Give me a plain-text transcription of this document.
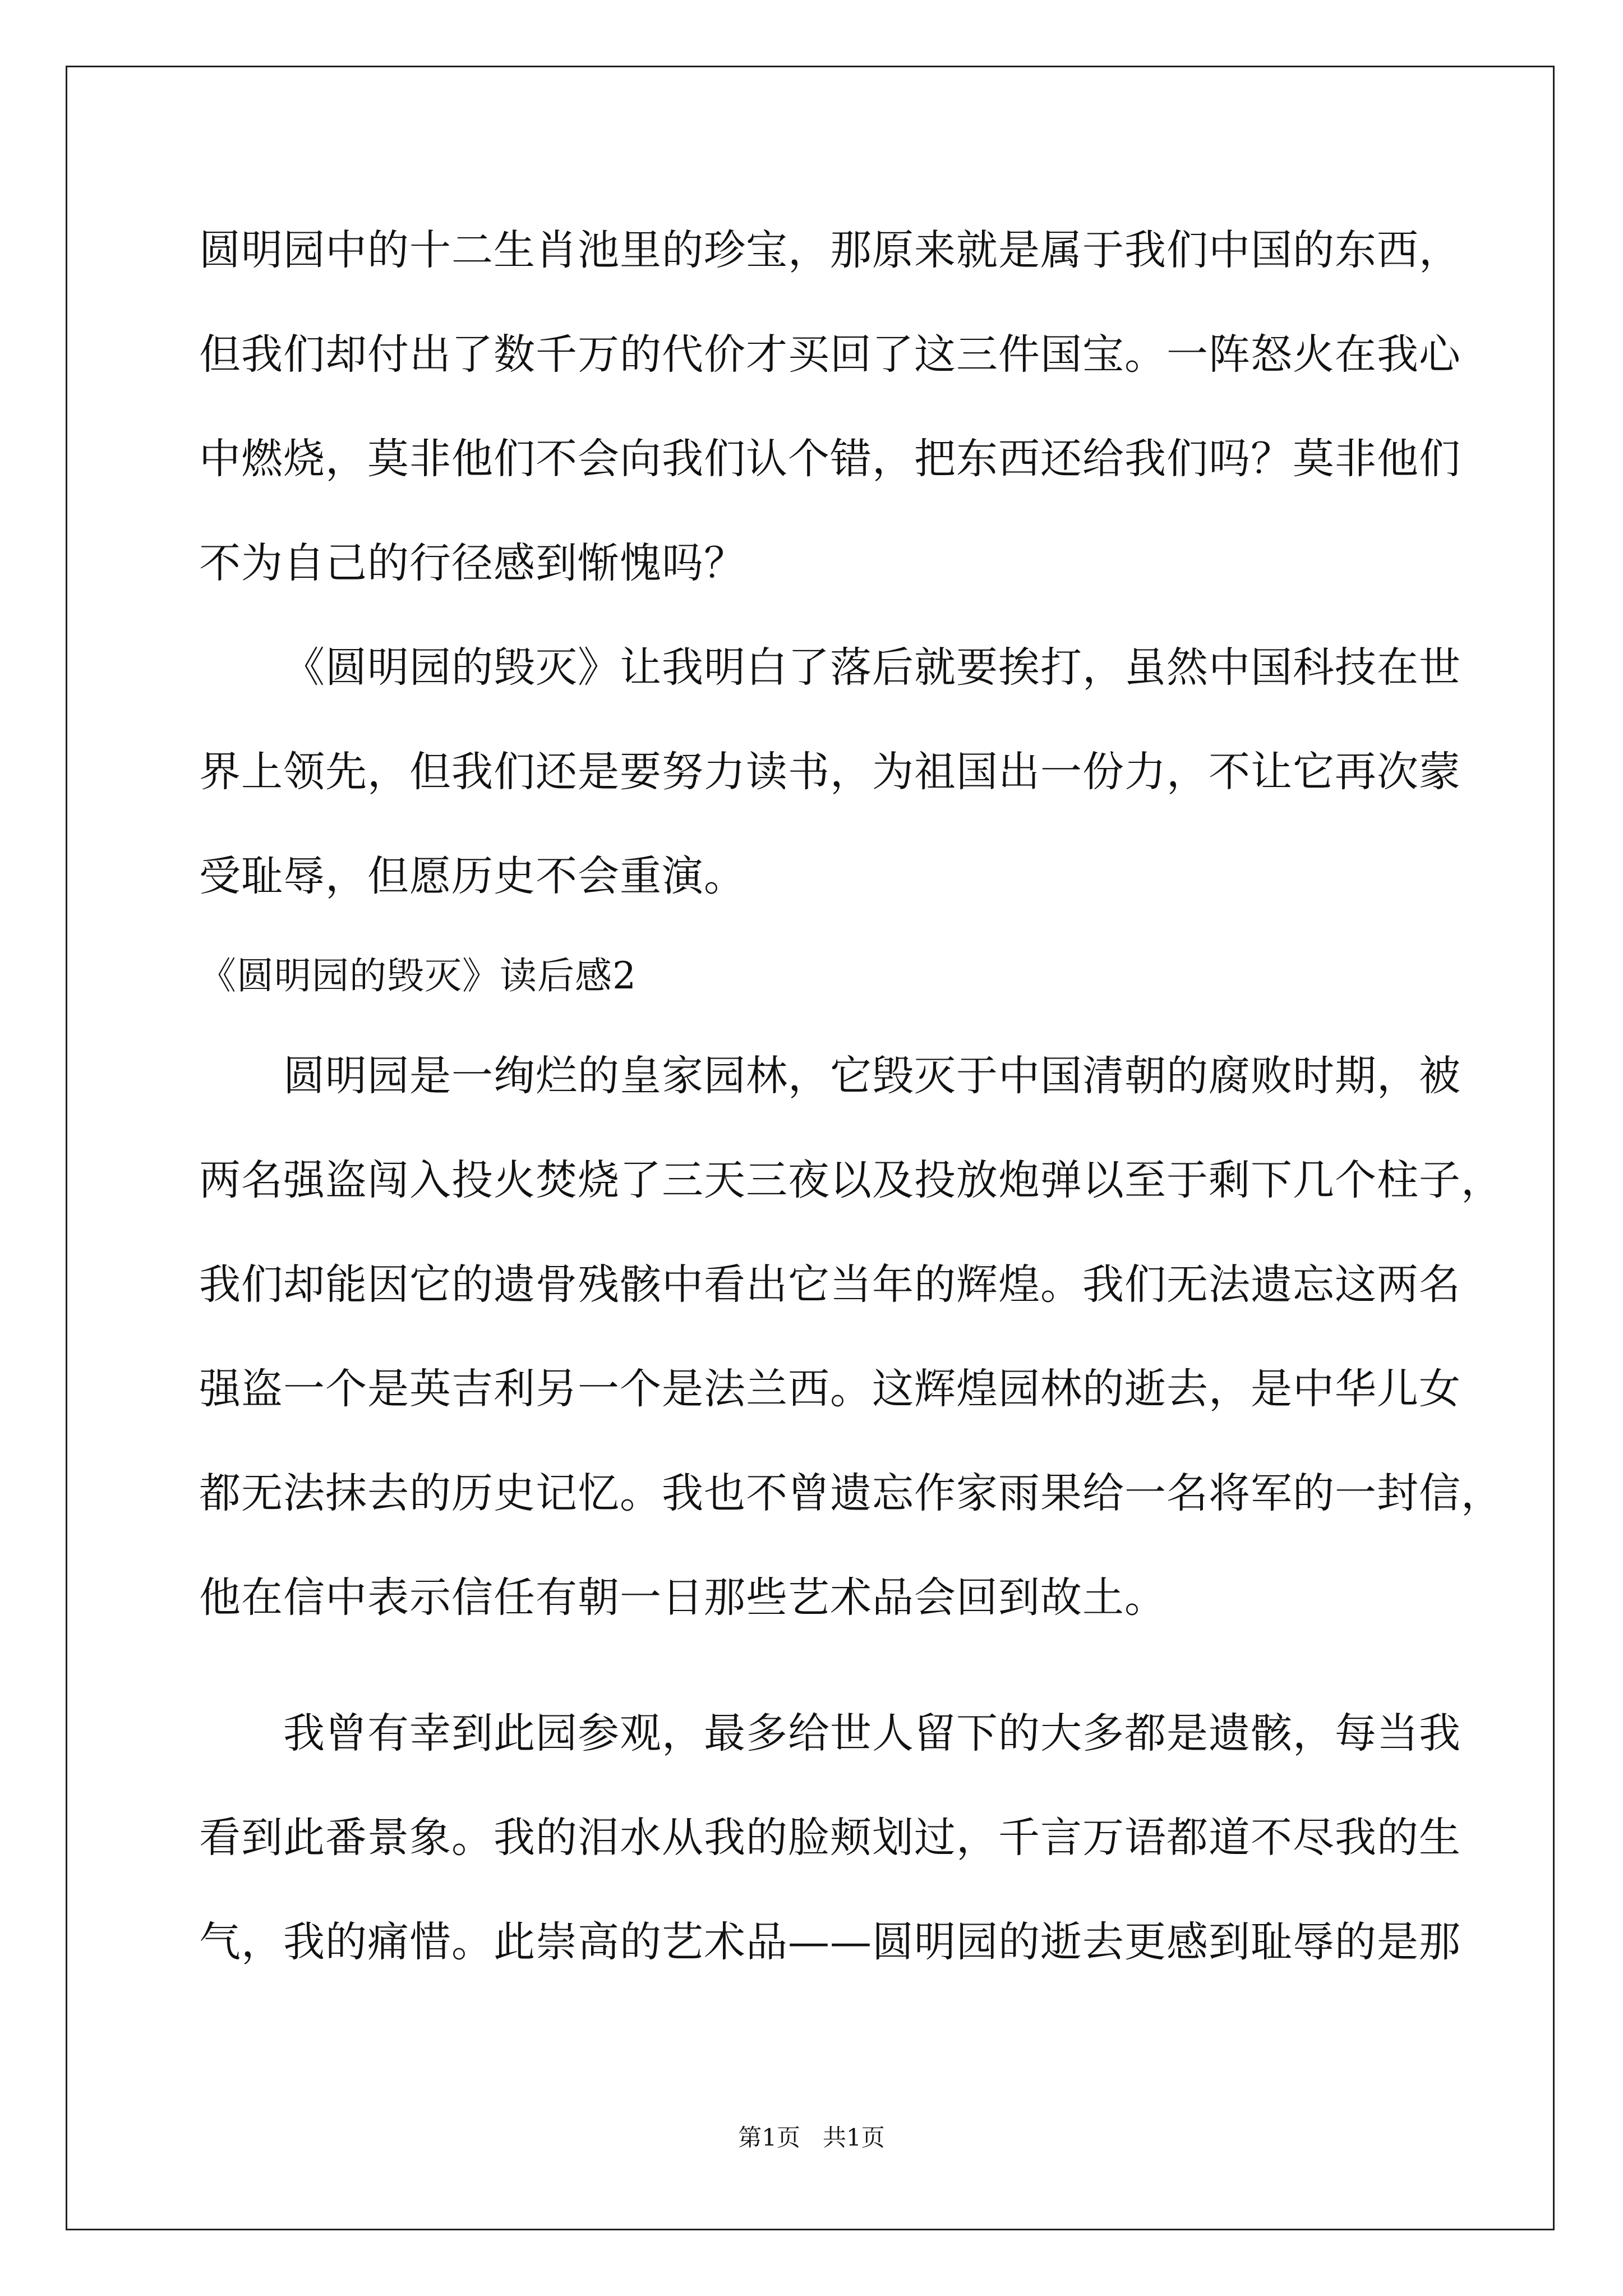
圆明园中的十二生肖池里的珍宝，那原来就是属于我们中国的东西，
但我们却付出了数千万的代价才买回了这三件国宝。一阵怒火在我心
中燃烧，莫非他们不会向我们认个错，把东西还给我们吗？莫非他们
不为自己的行径感到惭愧吗？
《圆明园的毁灭》让我明白了落后就要挨打，虽然中国科技在世
界上领先，但我们还是要努力读书，为祖国出一份力，不让它再次蒙
受耻辱，但愿历史不会重演。
《圆明园的毁灭》读后感2
圆明园是一绚烂的皇家园林，它毁灭于中国清朝的腐败时期，被
两名强盗闯入投火焚烧了三天三夜以及投放炮弹以至于剩下几个柱子，
我们却能因它的遗骨残骸中看出它当年的辉煌。我们无法遗忘这两名
强盗一个是英吉利另一个是法兰西。这辉煌园林的逝去，是中华儿女
都无法抹去的历史记忆。我也不曾遗忘作家雨果给一名将军的一封信，
他在信中表示信任有朝一日那些艺术品会回到故土。
我曾有幸到此园参观，最多给世人留下的大多都是遗骸，每当我
看到此番景象。我的泪水从我的脸颊划过，千言万语都道不尽我的生
气，我的痛惜。此崇高的艺术品——圆明园的逝去更感到耻辱的是那
第1页 共1页
